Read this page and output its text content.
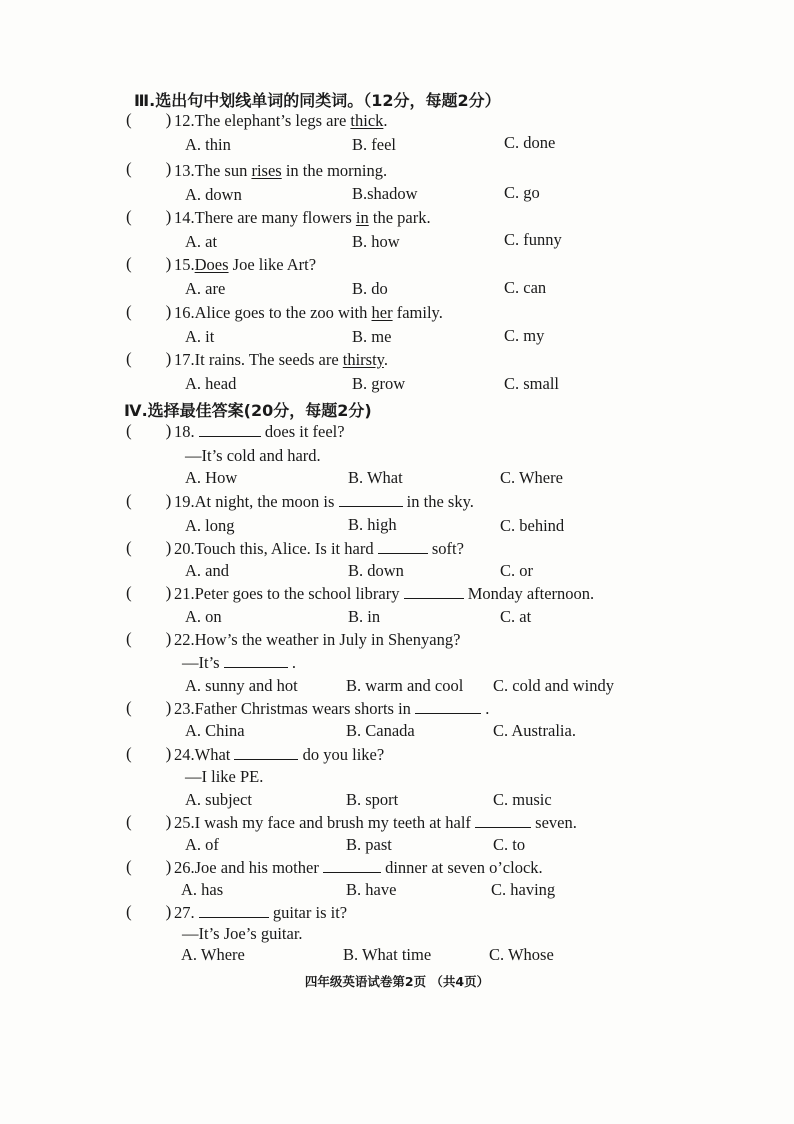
Ⅲ.选出句中划线单词的同类词。（12分，每题2分）
( ) 12.The elephant’s legs are thick.
A. thin	B. feel	C. done
( ) 13.The sun rises in the morning.
A. down	B.shadow	C. go
( ) 14.There are many flowers in the park.
A. at	B. how	C. funny
( ) 15.Does Joe like Art?
A. are	B. do	C. can
( ) 16.Alice goes to the zoo with her family.
A. it	B. me	C. my
( ) 17.It rains. The seeds are thirsty.
A. head	B. grow	C. small
Ⅳ.选择最佳答案(20分，每题2分)
( ) 18.	does it feel?
—It’s cold and hard.
A. How	B. What	C. Where
( ) 19.At night, the moon is	in the sky.
A. long	B. high	C. behind
( ) 20.Touch this, Alice. Is it hard	soft?
A. and	B. down	C. or
( ) 21.Peter goes to the school library	Monday afternoon.
A. on	B. in	C. at
( ) 22.How’s the weather in July in Shenyang?
—It’s	.
A. sunny and hot	B. warm and cool C. cold and windy
( ) 23.Father Christmas wears shorts in	.
A. China	B. Canada	C. Australia.
( ) 24.What	do you like?
—I like PE.
A. subject	B. sport	C. music
( ) 25.I wash my face and brush my teeth at half	seven.
A. of	B. past	C. to
( ) 26.Joe and his mother	dinner at seven o’clock.
A. has	B. have	C. having
( ) 27.	guitar is it?
—It’s Joe’s guitar.
A. Where	B. What time	C. Whose
四年级英语试卷第2页 （共4页）
